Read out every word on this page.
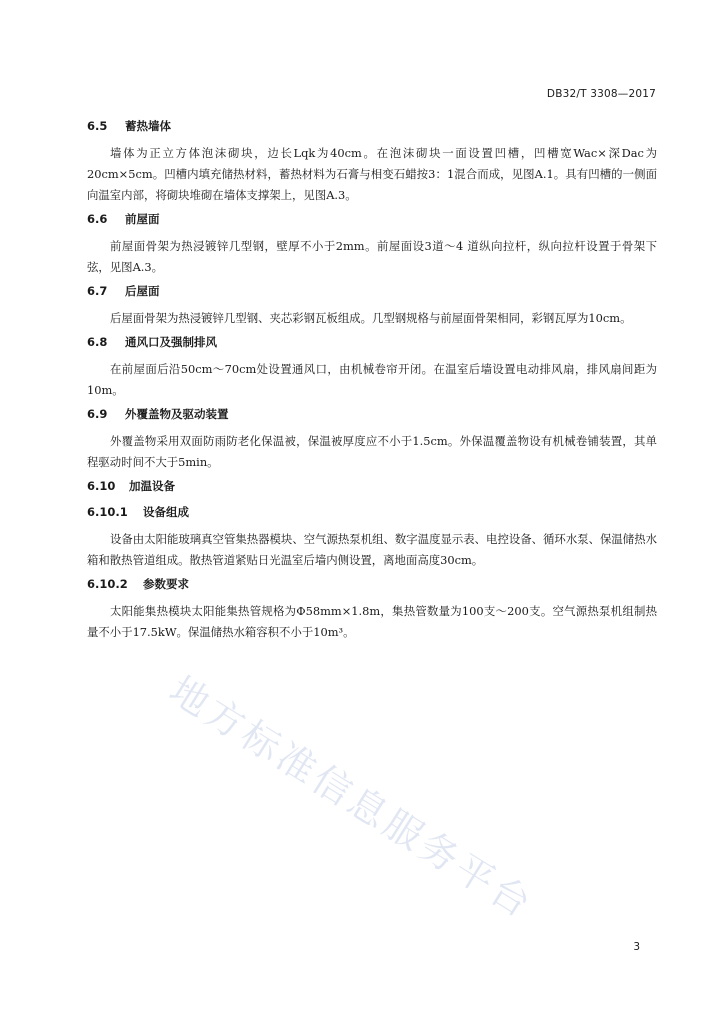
DB32/T 3308—2017
6.5 蓄热墙体

墙体为正立方体泡沫砌块，边长Lqk为40cm。在泡沫砌块一面设置凹槽，凹槽宽Wac×深Dac为20cm×5cm。凹槽内填充储热材料，蓄热材料为石膏与相变石蜡按3：1混合而成，见图A.1。具有凹槽的一侧面向温室内部，将砌块堆砌在墙体支撑架上，见图A.3。

6.6 前屋面

前屋面骨架为热浸镀锌几型钢，壁厚不小于2mm。前屋面设3道～4 道纵向拉杆，纵向拉杆设置于骨架下弦，见图A.3。

6.7 后屋面

后屋面骨架为热浸镀锌几型钢、夹芯彩钢瓦板组成。几型钢规格与前屋面骨架相同，彩钢瓦厚为10cm。

6.8 通风口及强制排风

在前屋面后沿50cm～70cm处设置通风口，由机械卷帘开闭。在温室后墙设置电动排风扇，排风扇间距为10m。

6.9 外覆盖物及驱动装置

外覆盖物采用双面防雨防老化保温被，保温被厚度应不小于1.5cm。外保温覆盖物设有机械卷铺装置，其单程驱动时间不大于5min。

6.10 加温设备
6.10.1 设备组成

设备由太阳能玻璃真空管集热器模块、空气源热泵机组、数字温度显示表、电控设备、循环水泵、保温储热水箱和散热管道组成。散热管道紧贴日光温室后墙内侧设置，离地面高度30cm。

6.10.2 参数要求

太阳能集热模块太阳能集热管规格为Φ58mm×1.8m，集热管数量为100支～200支。空气源热泵机组制热量不小于17.5kW。保温储热水箱容积不小于10m³。

地方标准信息服务平台
3
